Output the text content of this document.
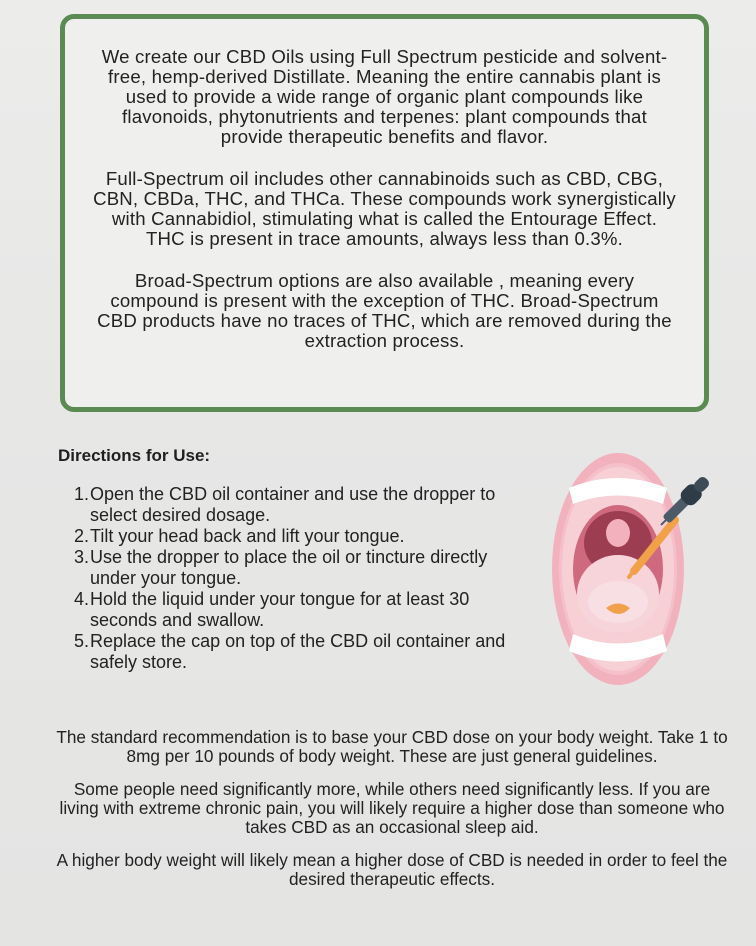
We create our CBD Oils using Full Spectrum pesticide and solvent-free, hemp-derived Distillate. Meaning the entire cannabis plant is used to provide a wide range of organic plant compounds like flavonoids, phytonutrients and terpenes: plant compounds that provide therapeutic benefits and flavor.

Full-Spectrum oil includes other cannabinoids such as CBD, CBG, CBN, CBDa, THC, and THCa. These compounds work synergistically with Cannabidiol, stimulating what is called the Entourage Effect. THC is present in trace amounts, always less than 0.3%.

Broad-Spectrum options are also available , meaning every compound is present with the exception of THC. Broad-Spectrum CBD products have no traces of THC, which are removed during the extraction process.

Directions for Use:
1. Open the CBD oil container and use the dropper to select desired dosage.
2. Tilt your head back and lift your tongue.
3. Use the dropper to place the oil or tincture directly under your tongue.
4. Hold the liquid under your tongue for at least 30 seconds and swallow.
5. Replace the cap on top of the CBD oil container and safely store.

The standard recommendation is to base your CBD dose on your body weight. Take 1 to 8mg per 10 pounds of body weight. These are just general guidelines.

Some people need significantly more, while others need significantly less. If you are living with extreme chronic pain, you will likely require a higher dose than someone who takes CBD as an occasional sleep aid.

A higher body weight will likely mean a higher dose of CBD is needed in order to feel the desired therapeutic effects.
